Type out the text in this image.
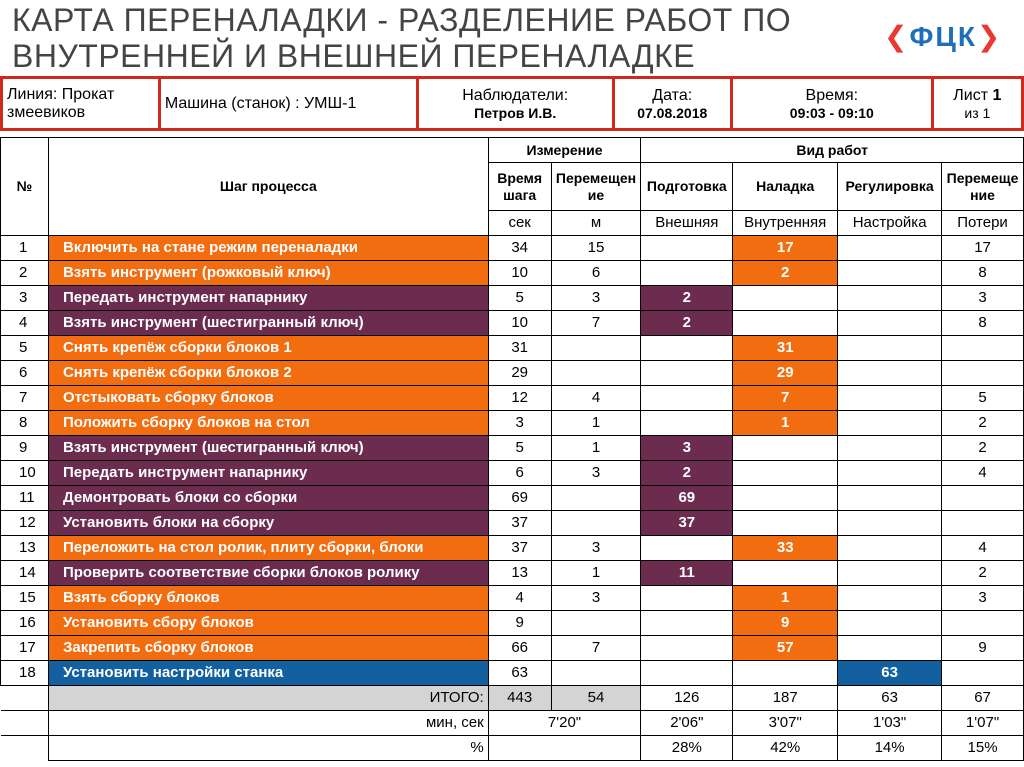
КАРТА ПЕРЕНАЛАДКИ - РАЗДЕЛЕНИЕ РАБОТ ПО ВНУТРЕННЕЙ И ВНЕШНЕЙ ПЕРЕНАЛАДКЕ
❮ФЦК❯
Линия: Прокат змеевиков	Машина (станок) : УМШ-1	Наблюдатели:
Петров И.В.

Дата:
07.08.2018

Время:
09:03 - 09:10

Лист 1
из 1
№	Шаг процесса	Измерение		Вид работ			
		Время шага	Перемещение	Подготовка	Наладка	Регулировка	Перемещение
		сек	м	Внешняя	Внутренняя	Настройка	Потери
1	Включить на стане режим переналадки	34	15		17		17
2	Взять инструмент (рожковый ключ)	10	6		2		8
3	Передать инструмент напарнику	5	3	2			3
4	Взять инструмент (шестигранный ключ)	10	7	2			8
5	Снять крепёж сборки блоков 1	31			31		
6	Снять крепёж сборки блоков 2	29			29		
7	Отстыковать сборку блоков	12	4		7		5
8	Положить сборку блоков на стол	3	1		1		2
9	Взять инструмент (шестигранный ключ)	5	1	3			2
10	Передать инструмент напарнику	6	3	2			4
11	Демонтровать блоки со сборки	69		69			
12	Установить блоки на сборку	37		37			
13	Переложить на стол ролик, плиту сборки, блоки	37	3		33		4
14	Проверить соответствие сборки блоков ролику	13	1	11			2
15	Взять сборку блоков	4	3		1		3
16	Установить сбору блоков	9			9		
17	Закрепить сборку блоков	66	7		57		9
18	Установить настройки станка	63				63	
	ИТОГО:	443	54	126	187	63	67
	мин, сек	7'20"		2'06"	3'07"	1'03"	1'07"
	%			28%	42%	14%	15%
